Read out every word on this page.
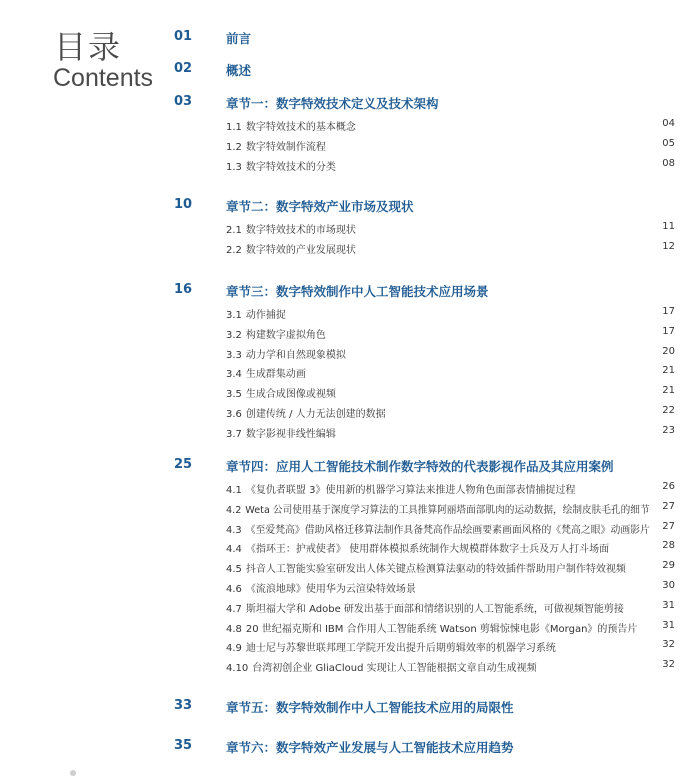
目录
Contents
01	前言
02	概述
03	章节一：数字特效技术定义及技术架构
1.1 数字特效技术的基本概念	04
1.2 数字特效制作流程	05
1.3 数字特效技术的分类	08
10	章节二：数字特效产业市场及现状
2.1 数字特效技术的市场现状	11
2.2 数字特效的产业发展现状	12
16	章节三：数字特效制作中人工智能技术应用场景
3.1 动作捕捉	17
3.2 构建数字虚拟角色	17
3.3 动力学和自然现象模拟	20
3.4 生成群集动画	21
3.5 生成合成图像或视频	21
3.6 创建传统 / 人力无法创建的数据	22
3.7 数字影视非线性编辑	23
25	章节四：应用人工智能技术制作数字特效的代表影视作品及其应用案例
4.1 《复仇者联盟 3》使用新的机器学习算法来推进人物角色面部表情捕捉过程	26
4.2 Weta 公司使用基于深度学习算法的工具推算阿丽塔面部肌肉的运动数据，绘制皮肤毛孔的细节 27
4.3 《至爱梵高》借助风格迁移算法制作具备梵高作品绘画要素画面风格的《梵高之眼》动画影片 27
4.4 《指环王：护戒使者》 使用群体模拟系统制作大规模群体数字士兵及万人打斗场面	28
4.5 抖音人工智能实验室研发出人体关键点检测算法驱动的特效插件帮助用户制作特效视频	29
4.6 《流浪地球》使用华为云渲染特效场景	30
4.7 斯坦福大学和 Adobe 研发出基于面部和情绪识别的人工智能系统，可做视频智能剪接	31
4.8 20 世纪福克斯和 IBM 合作用人工智能系统 Watson 剪辑惊悚电影《Morgan》的预告片 31
4.9 迪士尼与苏黎世联邦理工学院开发出提升后期剪辑效率的机器学习系统	32
4.10 台湾初创企业 GliaCloud 实现让人工智能根据文章自动生成视频	32
33	章节五：数字特效制作中人工智能技术应用的局限性
35	章节六：数字特效产业发展与人工智能技术应用趋势
